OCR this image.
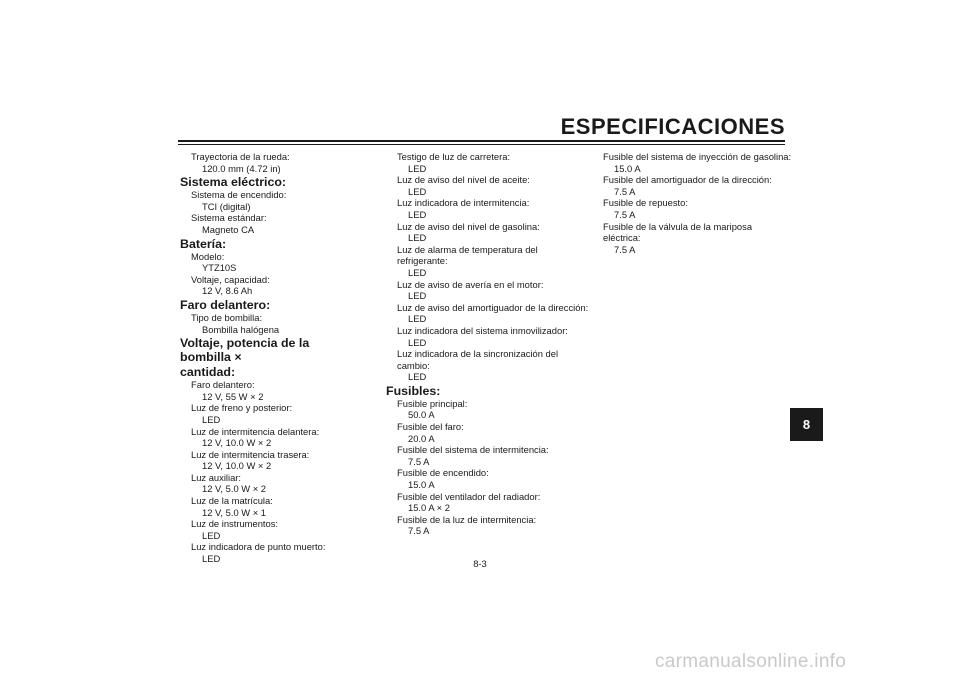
ESPECIFICACIONES
Trayectoria de la rueda:
120.0 mm (4.72 in)
Sistema eléctrico:
Sistema de encendido:
TCI (digital)
Sistema estándar:
Magneto CA
Batería:
Modelo:
YTZ10S
Voltaje, capacidad:
12 V, 8.6 Ah
Faro delantero:
Tipo de bombilla:
Bombilla halógena
Voltaje, potencia de la bombilla ×
cantidad:
Faro delantero:
12 V, 55 W × 2
Luz de freno y posterior:
LED
Luz de intermitencia delantera:
12 V, 10.0 W × 2
Luz de intermitencia trasera:
12 V, 10.0 W × 2
Luz auxiliar:
12 V, 5.0 W × 2
Luz de la matrícula:
12 V, 5.0 W × 1
Luz de instrumentos:
LED
Luz indicadora de punto muerto:
LED
Testigo de luz de carretera:
LED
Luz de aviso del nivel de aceite:
LED
Luz indicadora de intermitencia:
LED
Luz de aviso del nivel de gasolina:
LED
Luz de alarma de temperatura del
refrigerante:
LED
Luz de aviso de avería en el motor:
LED
Luz de aviso del amortiguador de la dirección:
LED
Luz indicadora del sistema inmovilizador:
LED
Luz indicadora de la sincronización del
cambio:
LED
Fusibles:
Fusible principal:
50.0 A
Fusible del faro:
20.0 A
Fusible del sistema de intermitencia:
7.5 A
Fusible de encendido:
15.0 A
Fusible del ventilador del radiador:
15.0 A × 2
Fusible de la luz de intermitencia:
7.5 A
Fusible del sistema de inyección de gasolina:
15.0 A
Fusible del amortiguador de la dirección:
7.5 A
Fusible de repuesto:
7.5 A
Fusible de la válvula de la mariposa eléctrica:
7.5 A
8
8-3
carmanualsonline.info
